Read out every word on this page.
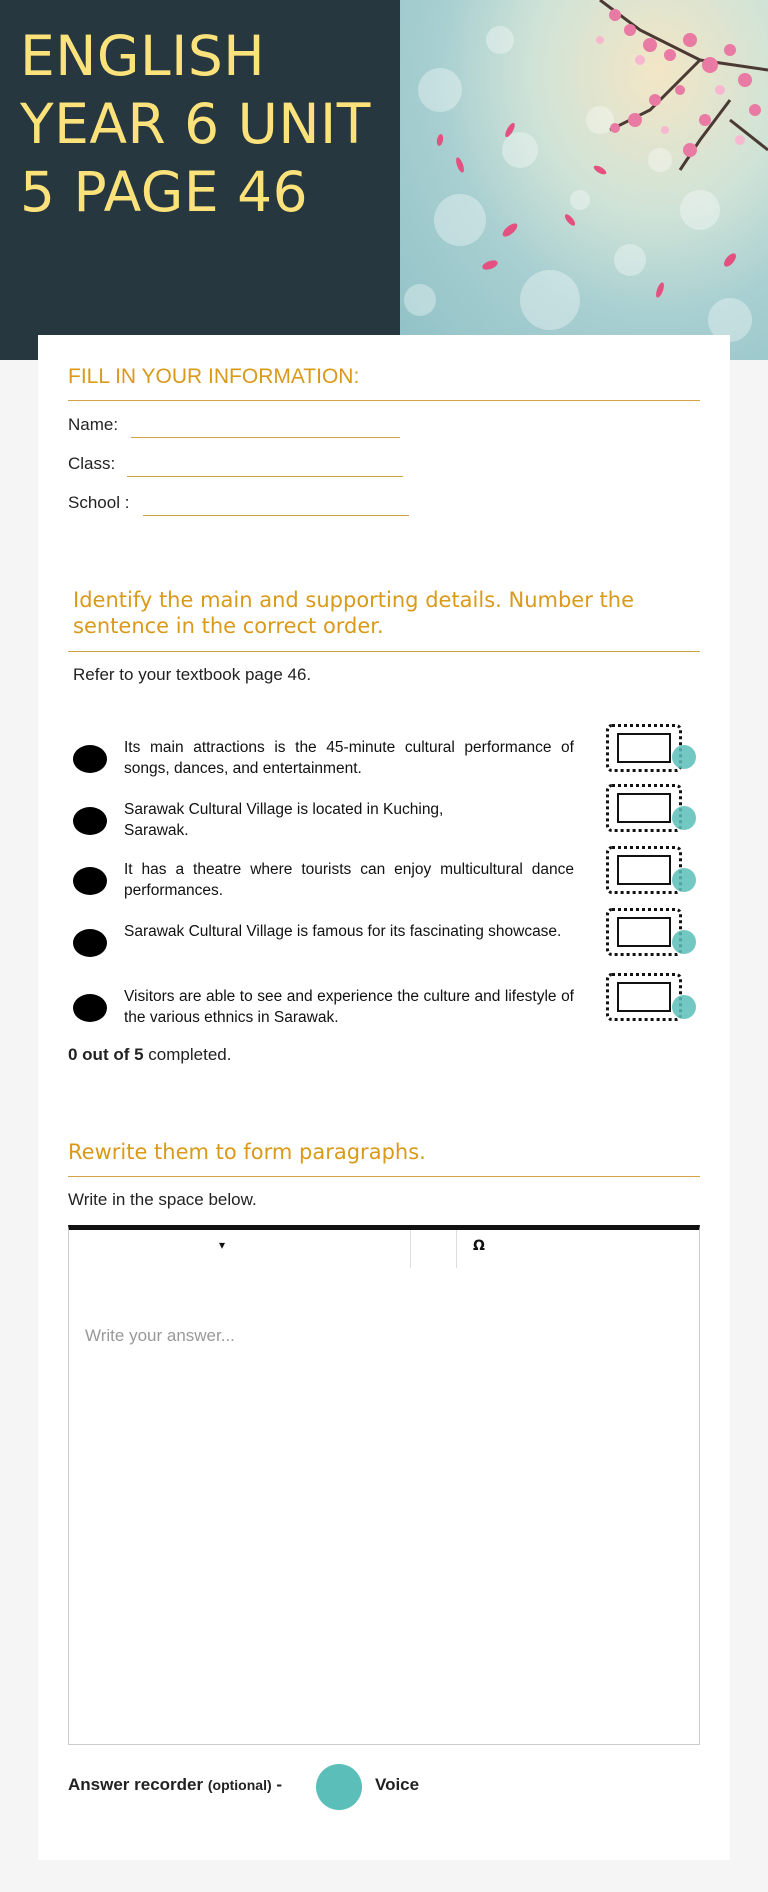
ENGLISH YEAR 6 UNIT 5 PAGE 46
FILL IN YOUR INFORMATION:
Name:
Class:
School :
Identify the main and supporting details. Number the sentence in the correct order.
Refer to your textbook page 46.
Its main attractions is the 45-minute cultural performance of songs, dances, and entertainment.
Sarawak Cultural Village is located in Kuching, Sarawak.
It has a theatre where tourists can enjoy multicultural dance performances.
Sarawak Cultural Village is famous for its fascinating showcase.
Visitors are able to see and experience the culture and lifestyle of the various ethnics in Sarawak.
0 out of 5 completed.
Rewrite them to form paragraphs.
Write in the space below.
▾	Ω
Write your answer...
Answer recorder (optional) -	Voice
